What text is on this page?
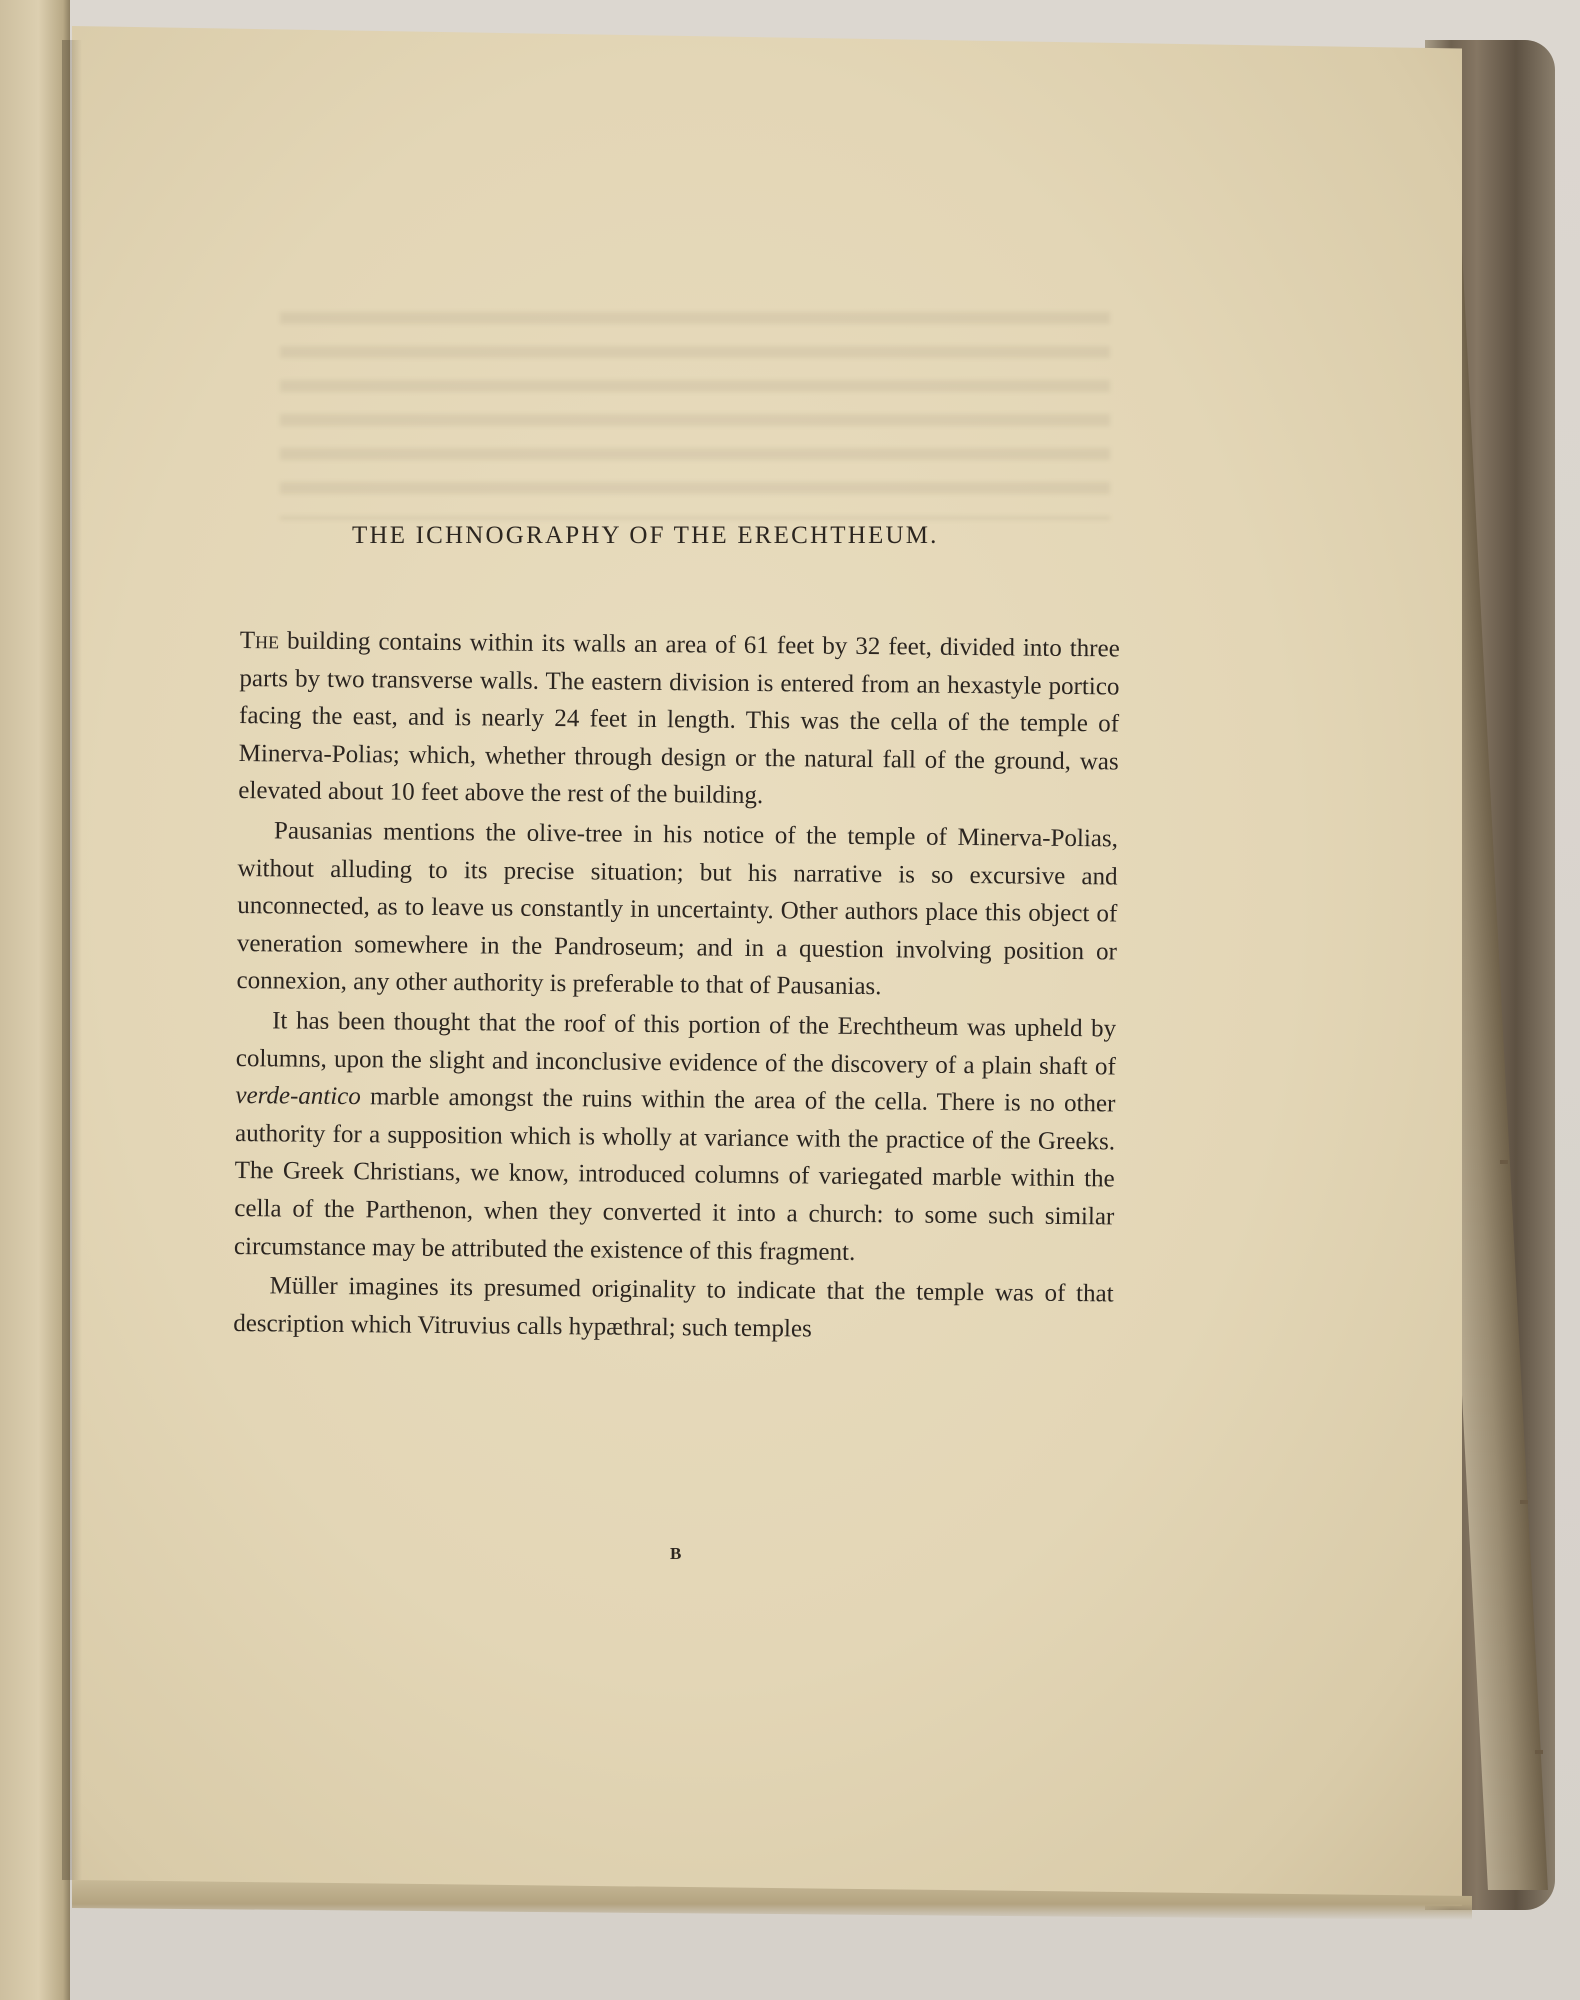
THE ICHNOGRAPHY OF THE ERECHTHEUM.

The building contains within its walls an area of 61 feet by 32 feet, divided into three parts by two transverse walls. The eastern division is entered from an hexastyle portico facing the east, and is nearly 24 feet in length. This was the cella of the temple of Minerva-Polias; which, whether through design or the natural fall of the ground, was elevated about 10 feet above the rest of the building.

Pausanias mentions the olive-tree in his notice of the temple of Minerva-Polias, without alluding to its precise situation; but his narrative is so excursive and unconnected, as to leave us constantly in uncertainty. Other authors place this object of veneration somewhere in the Pandroseum; and in a question involving position or connexion, any other authority is preferable to that of Pausanias.

It has been thought that the roof of this portion of the Erechtheum was upheld by columns, upon the slight and inconclusive evidence of the discovery of a plain shaft of verde-antico marble amongst the ruins within the area of the cella. There is no other authority for a supposition which is wholly at variance with the practice of the Greeks. The Greek Christians, we know, introduced columns of variegated marble within the cella of the Parthenon, when they converted it into a church: to some such similar circumstance may be attributed the existence of this fragment.

Müller imagines its presumed originality to indicate that the temple was of that description which Vitruvius calls hypæthral; such temples

B
